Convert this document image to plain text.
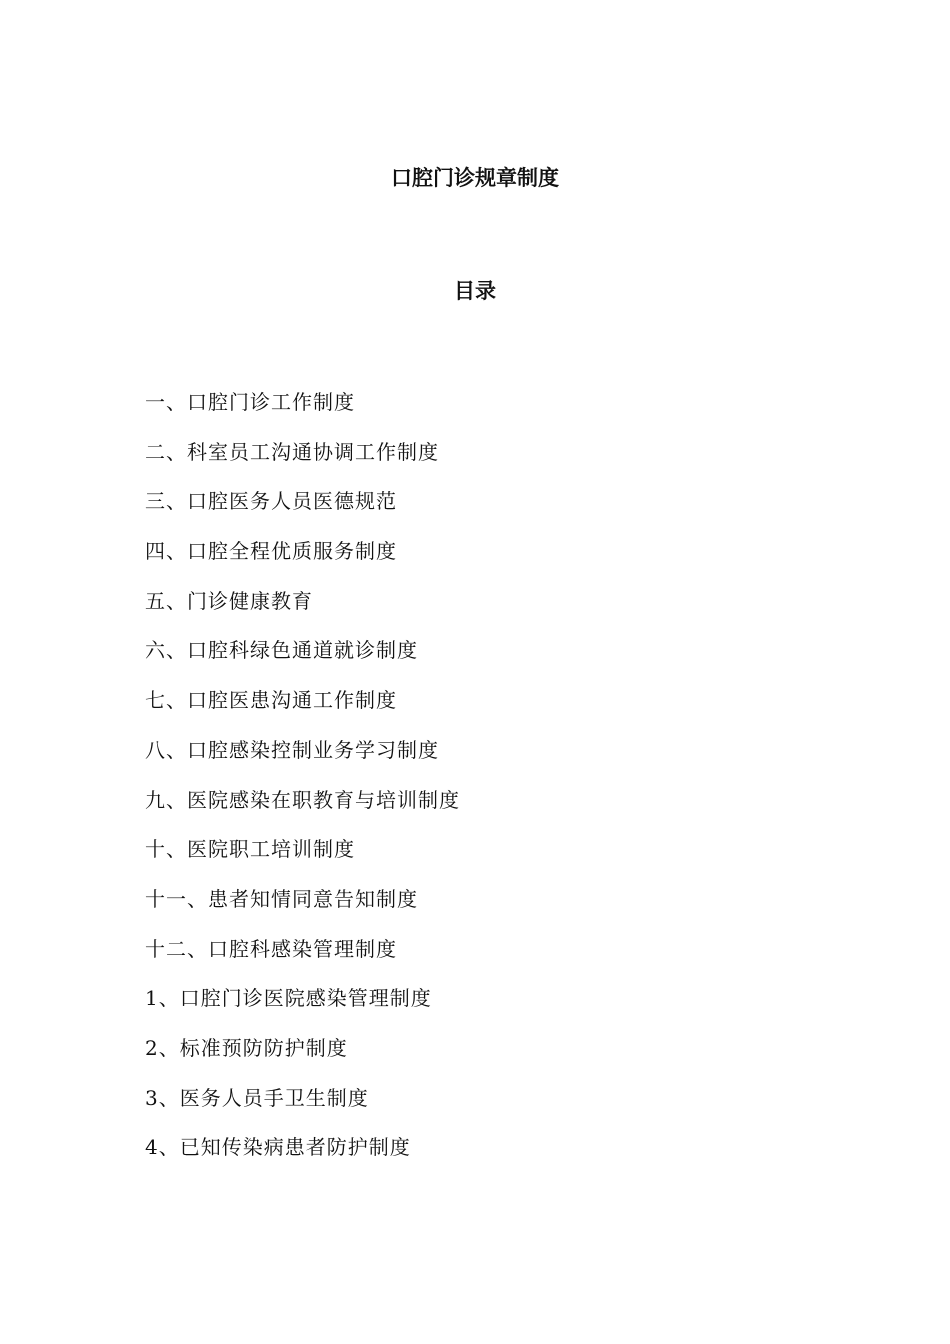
口腔门诊规章制度
目录
一、口腔门诊工作制度
二、科室员工沟通协调工作制度
三、口腔医务人员医德规范
四、口腔全程优质服务制度
五、门诊健康教育
六、口腔科绿色通道就诊制度
七、口腔医患沟通工作制度
八、口腔感染控制业务学习制度
九、医院感染在职教育与培训制度
十、医院职工培训制度
十一、患者知情同意告知制度
十二、口腔科感染管理制度
1、口腔门诊医院感染管理制度
2、标准预防防护制度
3、医务人员手卫生制度
4、已知传染病患者防护制度
